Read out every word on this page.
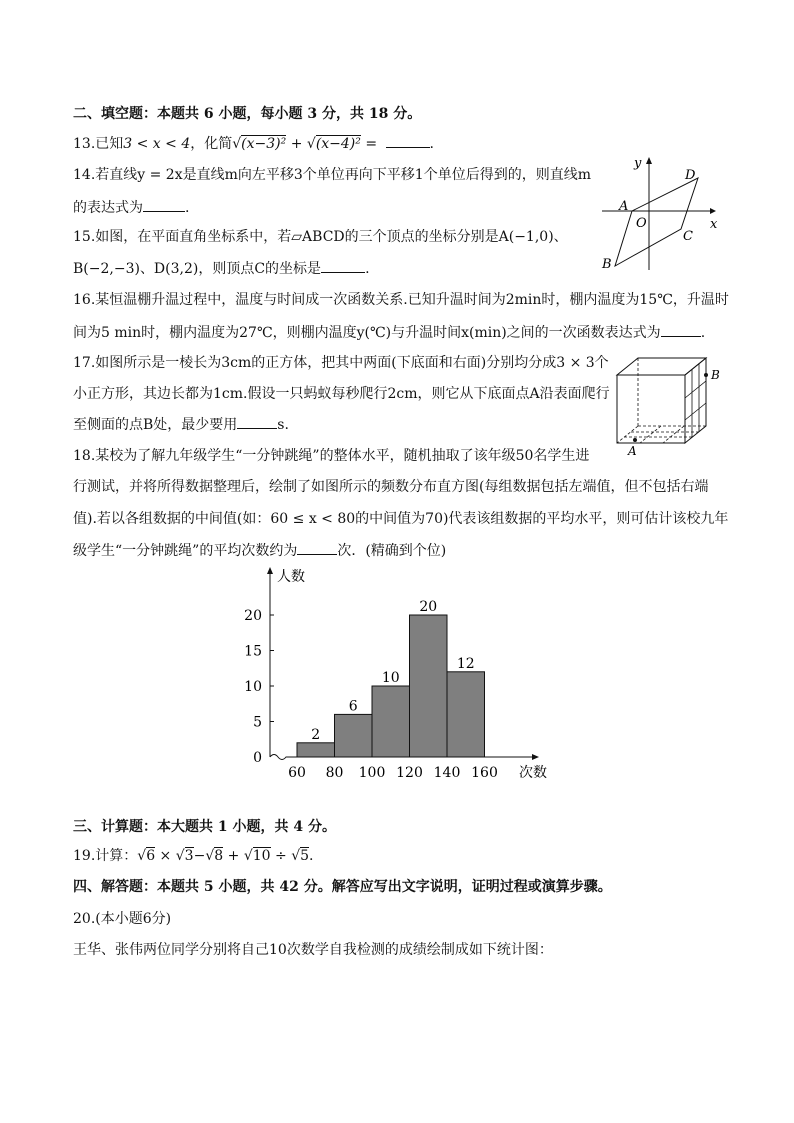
二、填空题：本题共 6 小题，每小题 3 分，共 18 分。
13.已知3 < x < 4，化简√(x−3)² + √(x−4)² =	.
14.若直线y = 2x是直线m向左平移3个单位再向下平移1个单位后得到的，则直线m
的表达式为	.
15.如图，在平面直角坐标系中，若▱ABCD的三个顶点的坐标分别是A(−1,0)、
B(−2,−3)、D(3,2)，则顶点C的坐标是	.
y
x
O
A
B
C
D
16.某恒温棚升温过程中，温度与时间成一次函数关系.已知升温时间为2min时，棚内温度为15℃，升温时
间为5 min时，棚内温度为27℃，则棚内温度y(℃)与升温时间x(min)之间的一次函数表达式为	.
17.如图所示是一棱长为3cm的正方体，把其中两面(下底面和右面)分别均分成3 × 3个
小正方形，其边长都为1cm.假设一只蚂蚁每秒爬行2cm，则它从下底面点A沿表面爬行
至侧面的点B处，最少要用	s.
A
B
18.某校为了解九年级学生“一分钟跳绳”的整体水平，随机抽取了该年级50名学生进
行测试，并将所得数据整理后，绘制了如图所示的频数分布直方图(每组数据包括左端值，但不包括右端
值).若以各组数据的中间值(如：60 ≤ x < 80的中间值为70)代表该组数据的平均水平，则可估计该校九年
级学生“一分钟跳绳”的平均次数约为	次．(精确到个位)
0
5
10
15
20
2
6
10
20
12
60 80 100 120 140 160
人数
次数
三、计算题：本大题共 1 小题，共 4 分。
19.计算：√6 × √3−√8 + √10 ÷ √5.
四、解答题：本题共 5 小题，共 42 分。解答应写出文字说明，证明过程或演算步骤。
20.(本小题6分)
王华、张伟两位同学分别将自己10次数学自我检测的成绩绘制成如下统计图：
